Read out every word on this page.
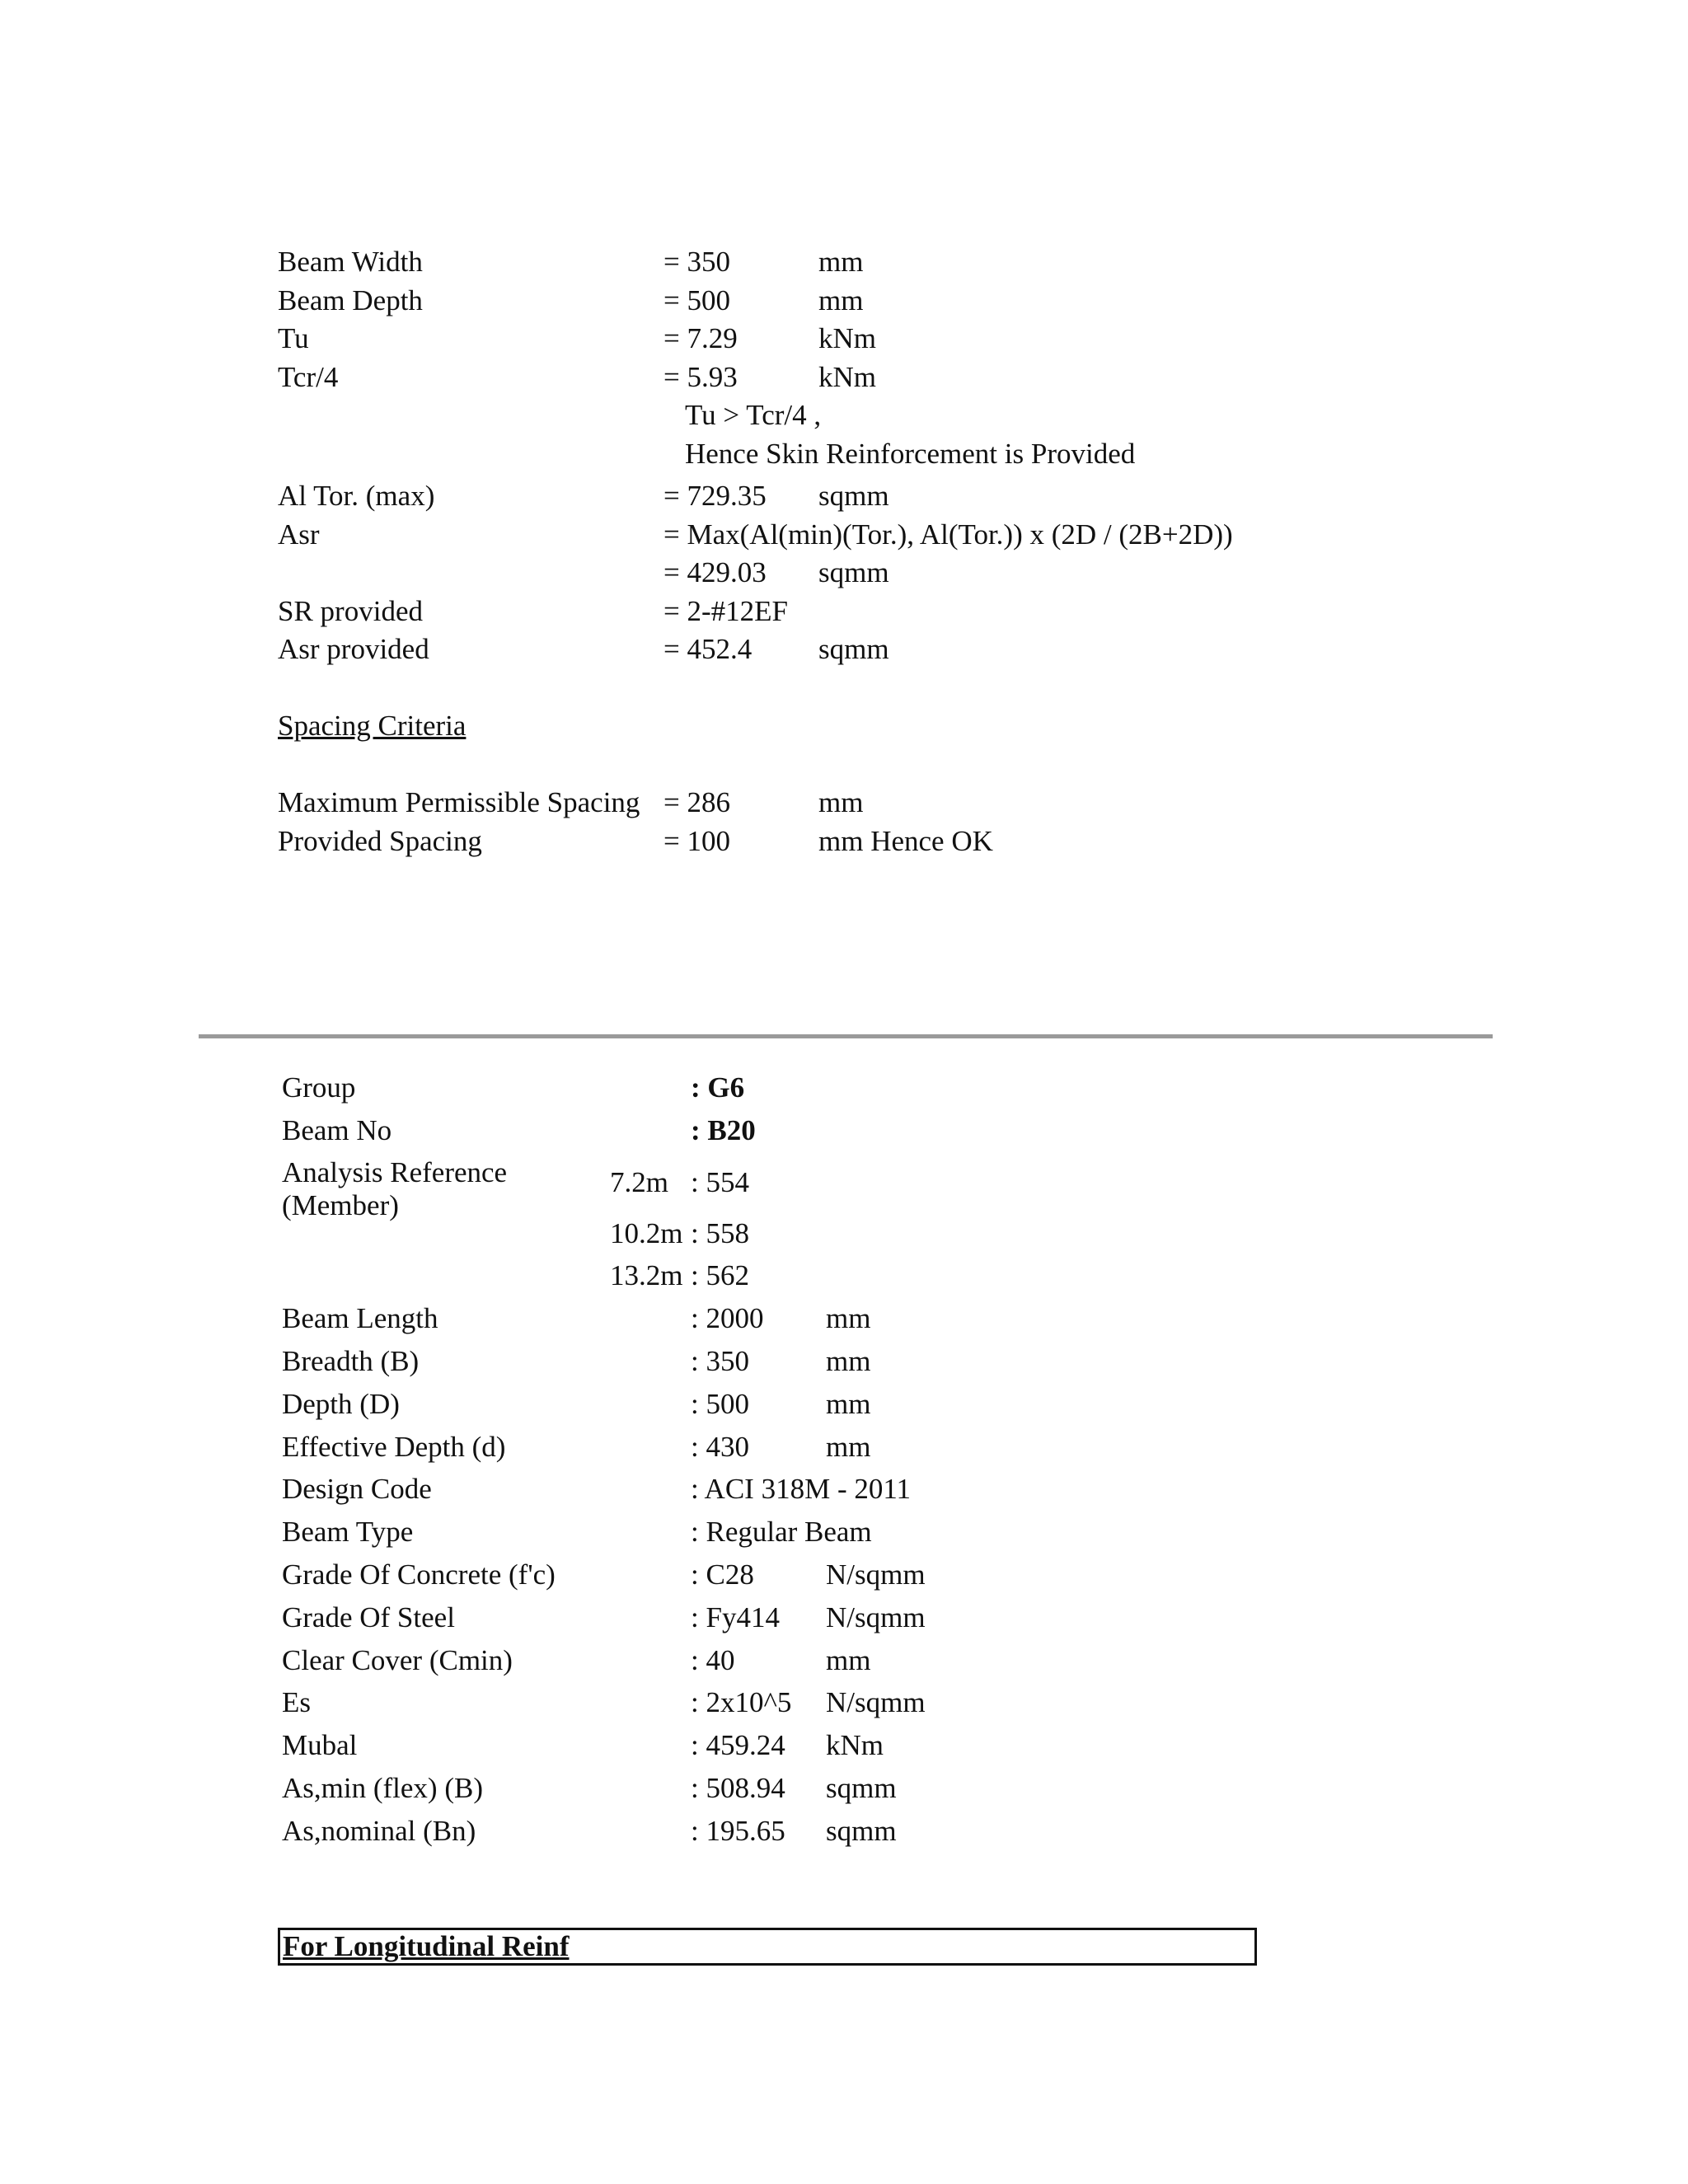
Beam Width	= 350	mm
Beam Depth	= 500	mm
Tu	= 7.29	kNm
Tcr/4	= 5.93	kNm
Tu > Tcr/4 ,
Hence Skin Reinforcement is Provided
Al Tor. (max)	= 729.35 sqmm
Asr	= Max(Al(min)(Tor.), Al(Tor.)) x (2D / (2B+2D))
= 429.03 sqmm
SR provided	= 2-#12EF
Asr provided	= 452.4 sqmm
Spacing Criteria
Maximum Permissible Spacing = 286	mm
Provided Spacing	= 100	mm Hence OK
Group	: G6
Beam No	: B20
Analysis Reference
(Member)
7.2m : 554
10.2m : 558
13.2m : 562
Beam Length	: 2000 mm
Breadth (B)	: 350	mm
Depth (D)	: 500	mm
Effective Depth (d)	: 430	mm
Design Code	: ACI 318M - 2011
Beam Type	: Regular Beam
Grade Of Concrete (f'c)	: C28 N/sqmm
Grade Of Steel	: Fy414 N/sqmm
Clear Cover (Cmin)	: 40	mm
Es	: 2x10^5 N/sqmm
Mubal	: 459.24 kNm
As,min (flex) (B)	: 508.94 sqmm
As,nominal (Bn)	: 195.65 sqmm
For Longitudinal Reinf
